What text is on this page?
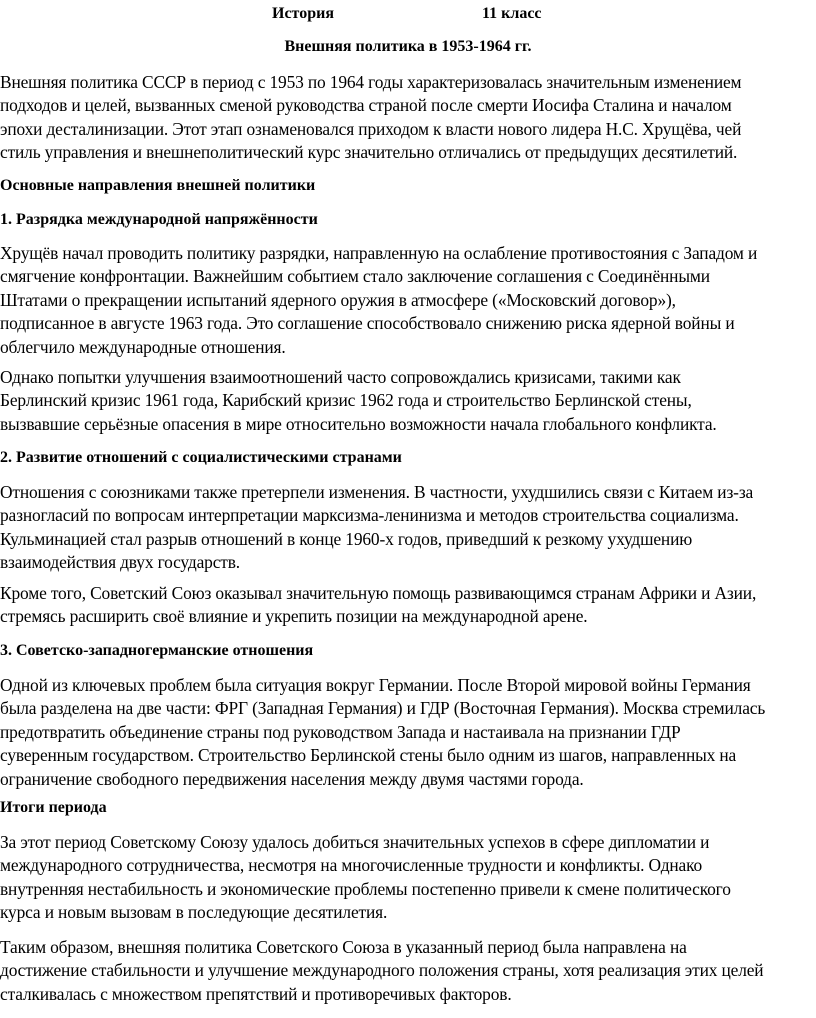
История	11 класс
Внешняя политика в 1953-1964 гг.
Внешняя политика СССР в период с 1953 по 1964 годы характеризовалась значительным изменением
подходов и целей, вызванных сменой руководства страной после смерти Иосифа Сталина и началом
эпохи десталинизации. Этот этап ознаменовался приходом к власти нового лидера Н.С. Хрущёва, чей
стиль управления и внешнеполитический курс значительно отличались от предыдущих десятилетий.
Основные направления внешней политики
1. Разрядка международной напряжённости
Хрущёв начал проводить политику разрядки, направленную на ослабление противостояния с Западом и
смягчение конфронтации. Важнейшим событием стало заключение соглашения с Соединёнными
Штатами о прекращении испытаний ядерного оружия в атмосфере («Московский договор»),
подписанное в августе 1963 года. Это соглашение способствовало снижению риска ядерной войны и
облегчило международные отношения.
Однако попытки улучшения взаимоотношений часто сопровождались кризисами, такими как
Берлинский кризис 1961 года, Карибский кризис 1962 года и строительство Берлинской стены,
вызвавшие серьёзные опасения в мире относительно возможности начала глобального конфликта.
2. Развитие отношений с социалистическими странами
Отношения с союзниками также претерпели изменения. В частности, ухудшились связи с Китаем из-за
разногласий по вопросам интерпретации марксизма-ленинизма и методов строительства социализма.
Кульминацией стал разрыв отношений в конце 1960-х годов, приведший к резкому ухудшению
взаимодействия двух государств.
Кроме того, Советский Союз оказывал значительную помощь развивающимся странам Африки и Азии,
стремясь расширить своё влияние и укрепить позиции на международной арене.
3. Советско-западногерманские отношения
Одной из ключевых проблем была ситуация вокруг Германии. После Второй мировой войны Германия
была разделена на две части: ФРГ (Западная Германия) и ГДР (Восточная Германия). Москва стремилась
предотвратить объединение страны под руководством Запада и настаивала на признании ГДР
суверенным государством. Строительство Берлинской стены было одним из шагов, направленных на
ограничение свободного передвижения населения между двумя частями города.
Итоги периода
За этот период Советскому Союзу удалось добиться значительных успехов в сфере дипломатии и
международного сотрудничества, несмотря на многочисленные трудности и конфликты. Однако
внутренняя нестабильность и экономические проблемы постепенно привели к смене политического
курса и новым вызовам в последующие десятилетия.
Таким образом, внешняя политика Советского Союза в указанный период была направлена на
достижение стабильности и улучшение международного положения страны, хотя реализация этих целей
сталкивалась с множеством препятствий и противоречивых факторов.
